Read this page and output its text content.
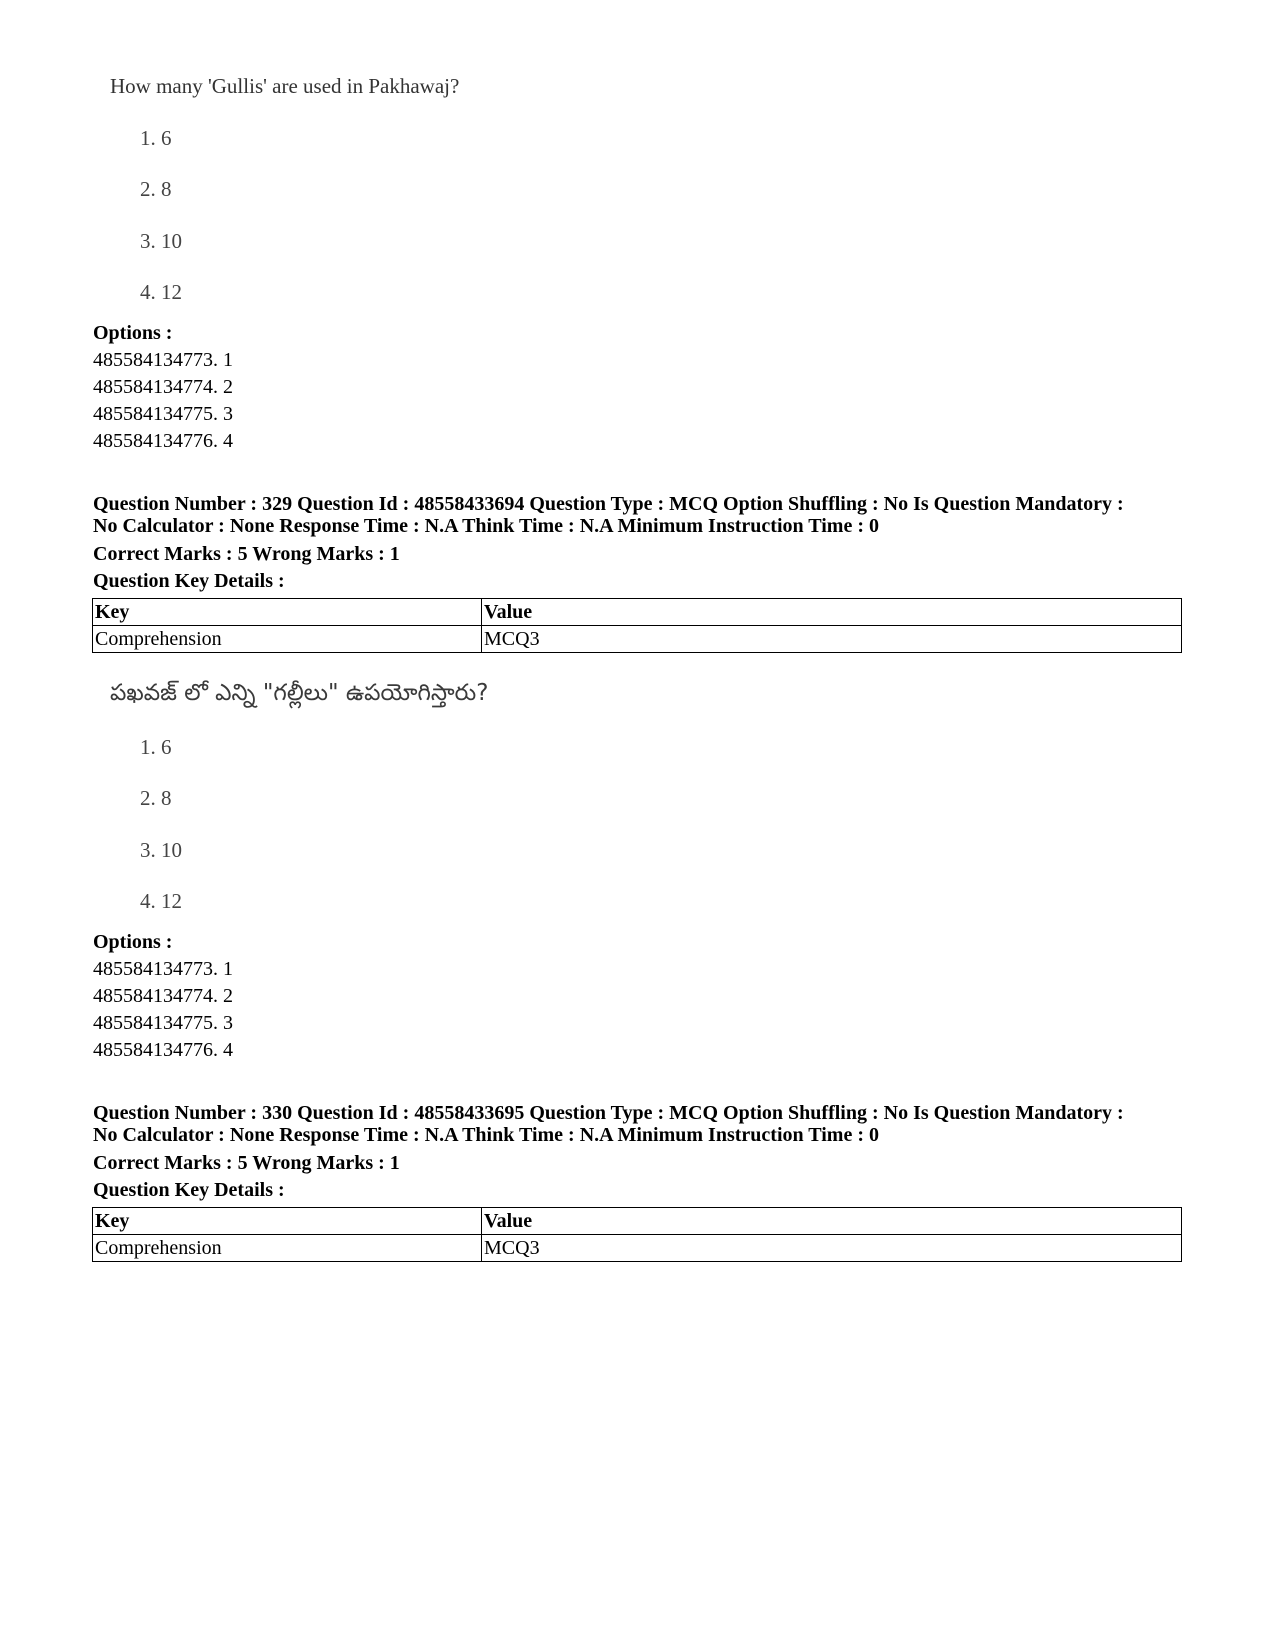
How many 'Gullis' are used in Pakhawaj?
1. 6
2. 8
3. 10
4. 12
Options :
485584134773. 1
485584134774. 2
485584134775. 3
485584134776. 4
Question Number : 329 Question Id : 48558433694 Question Type : MCQ Option Shuffling : No Is Question Mandatory :
No Calculator : None Response Time : N.A Think Time : N.A Minimum Instruction Time : 0
Correct Marks : 5 Wrong Marks : 1
Question Key Details :
Key	Value
Comprehension	MCQ3
పఖవజ్ లో ఎన్ని "గల్లీలు" ఉపయోగిస్తారు?
1. 6
2. 8
3. 10
4. 12
Options :
485584134773. 1
485584134774. 2
485584134775. 3
485584134776. 4
Question Number : 330 Question Id : 48558433695 Question Type : MCQ Option Shuffling : No Is Question Mandatory :
No Calculator : None Response Time : N.A Think Time : N.A Minimum Instruction Time : 0
Correct Marks : 5 Wrong Marks : 1
Question Key Details :
Key	Value
Comprehension	MCQ3
